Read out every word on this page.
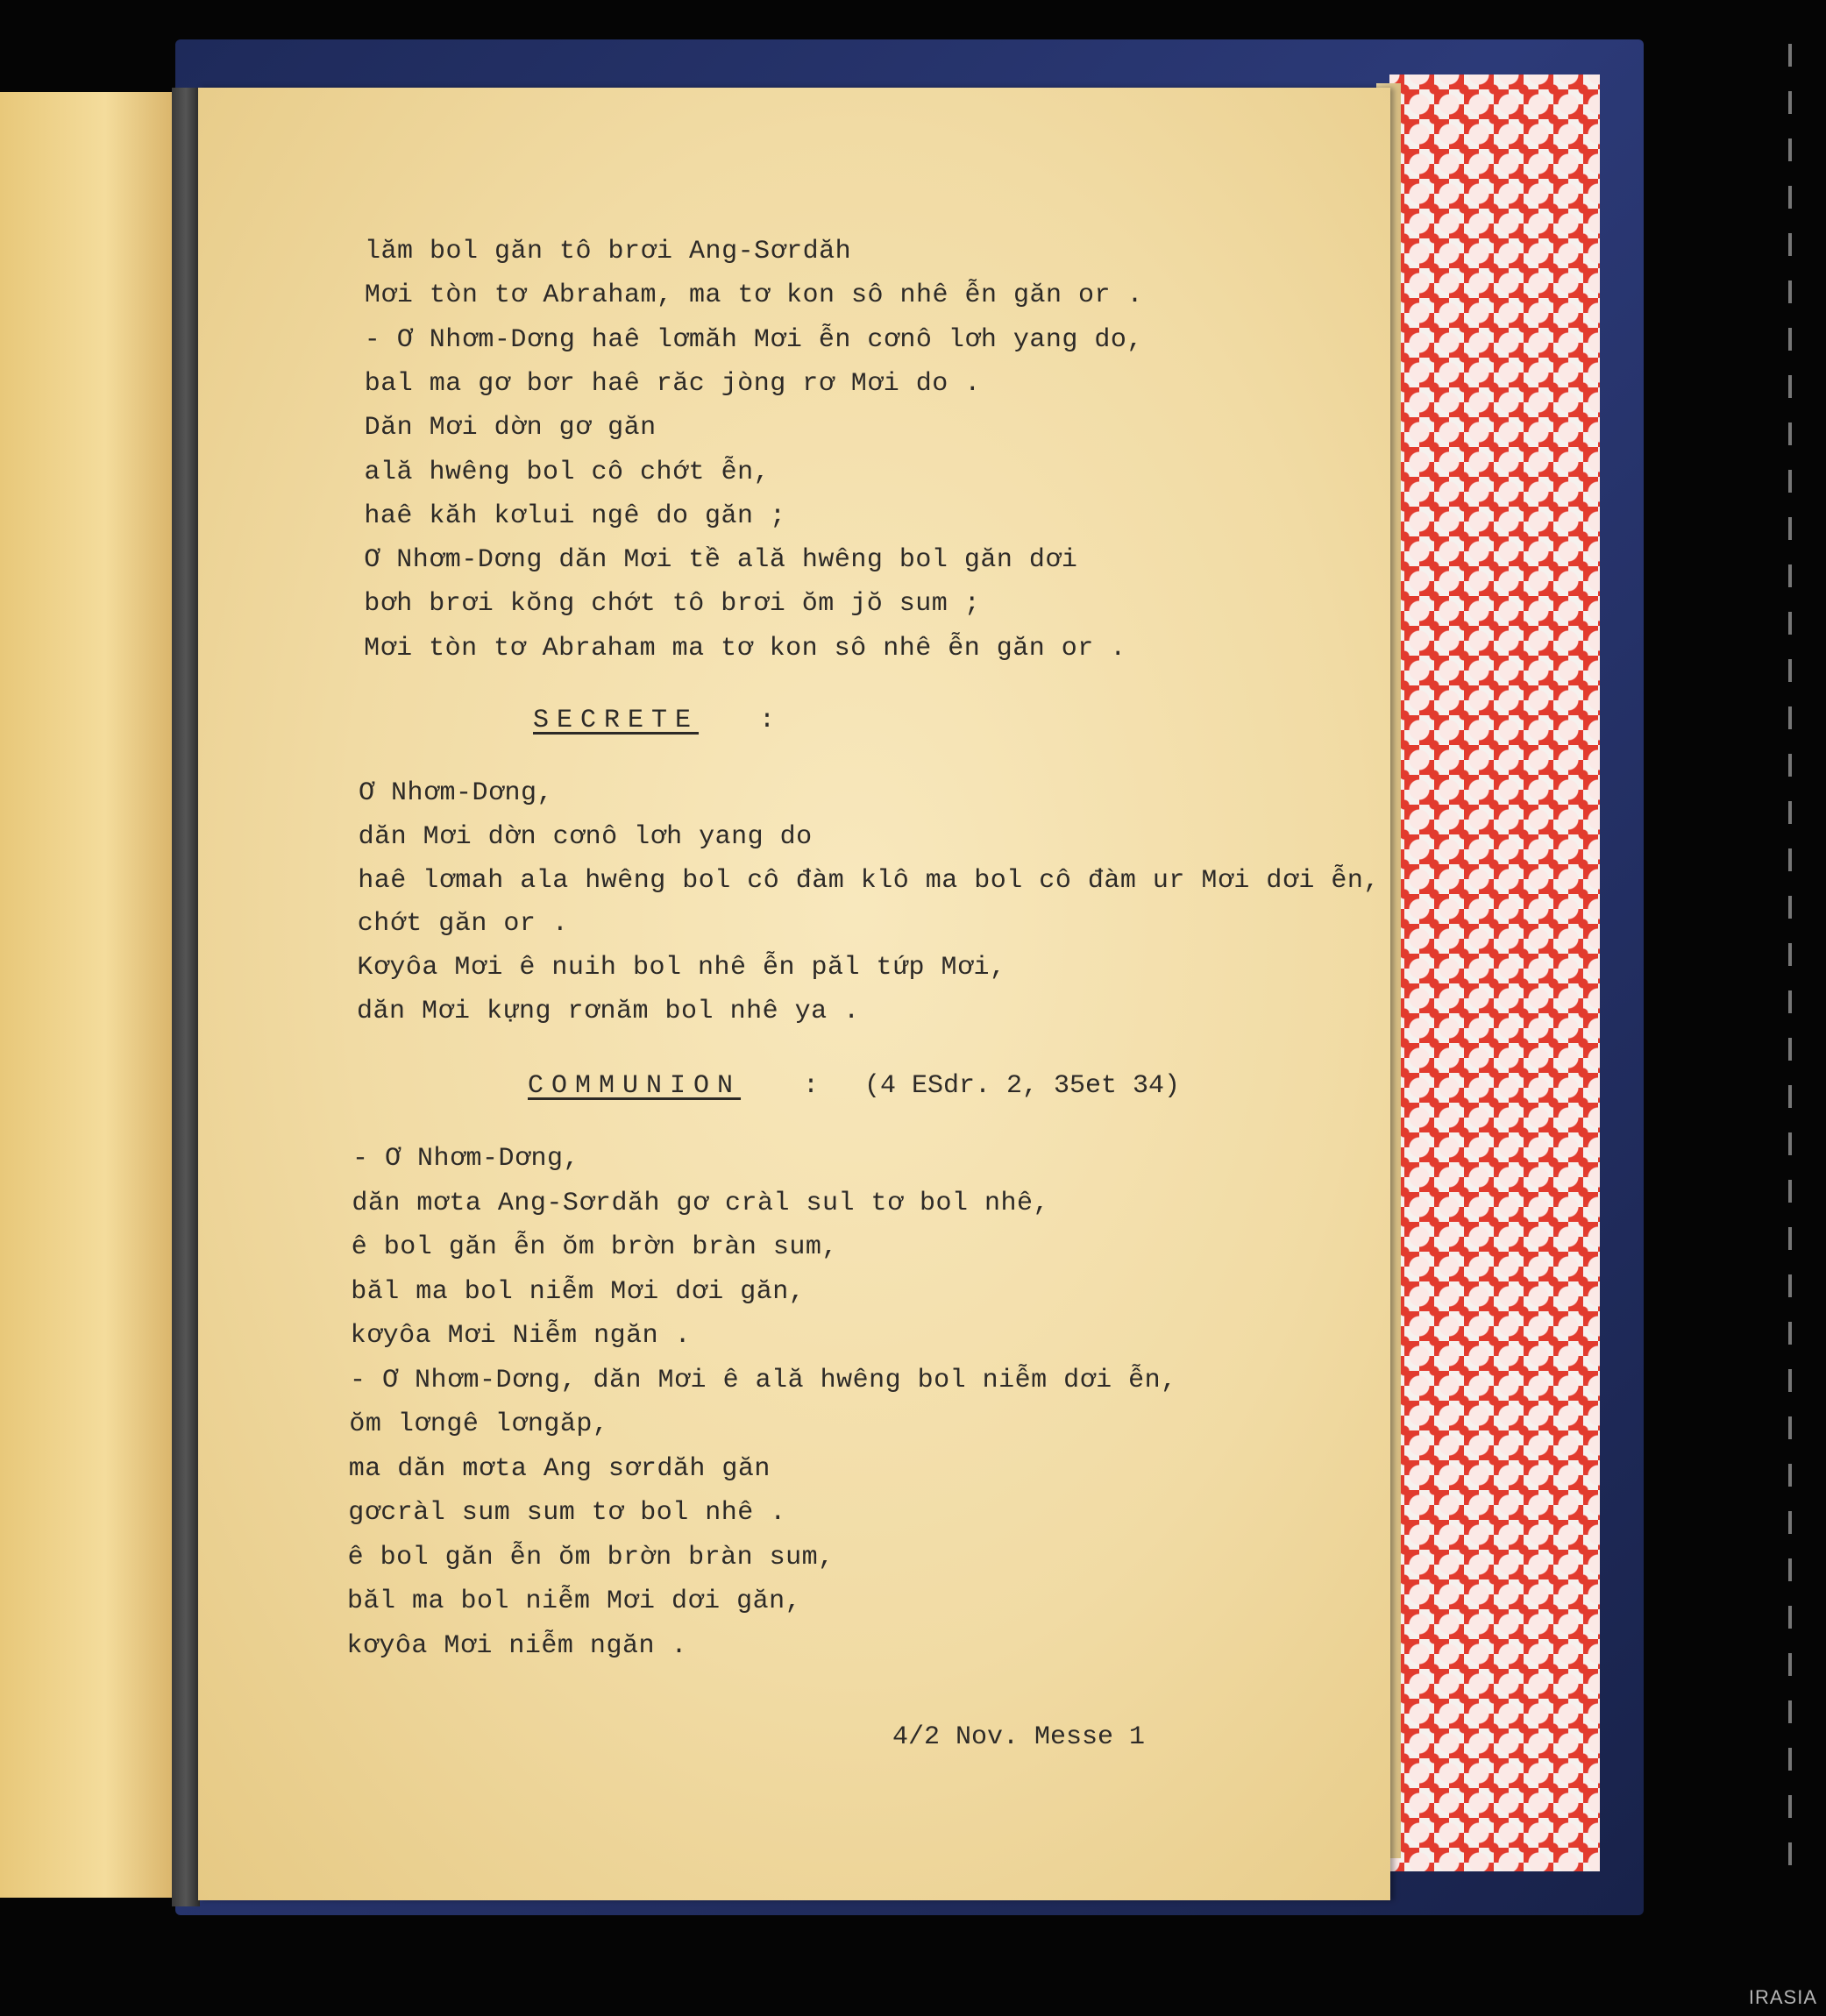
lăm bol găn tô brơi Ang-Sơrdăh
Mơi tòn tơ Abraham, ma tơ kon sô nhê ễn găn or .
- Ơ Nhơm-Dơng haê lơmăh Mơi ễn cơnô lơh yang do,
bal ma gơ bơr haê răc jòng rơ Mơi do .
Dăn Mơi dờn gơ găn
ală hwêng bol cô chớt ễn,
haê kăh kơlui ngê do găn ;
Ơ Nhơm-Dơng dăn Mơi tề ală hwêng bol găn dơi
bơh brơi kŏng chớt tô brơi ŏm jŏ sum ;
Mơi tòn tơ Abraham ma tơ kon sô nhê ễn găn or .
SECRETE :
Ơ Nhơm-Dơng,
dăn Mơi dờn cơnô lơh yang do
haê lơmah ala hwêng bol cô đàm klô ma bol cô đàm ur Mơi dơi ễn,
chớt găn or .
Kơyôa Mơi ê nuih bol nhê ễn păl tứp Mơi,
dăn Mơi kựng rơnăm bol nhê ya .
COMMUNION : (4 ESdr. 2, 35et 34)
- Ơ Nhơm-Dơng,
dăn mơta Ang-Sơrdăh gơ cràl sul tơ bol nhê,
ê bol găn ễn ŏm brờn bràn sum,
băl ma bol niễm Mơi dơi găn,
kơyôa Mơi Niễm ngăn .
- Ơ Nhơm-Dơng, dăn Mơi ê ală hwêng bol niễm dơi ễn,
ŏm lơngê lơngăp,
ma dăn mơta Ang sơrdăh găn
gơcràl sum sum tơ bol nhê .
ê bol găn ễn ŏm brờn bràn sum,
băl ma bol niễm Mơi dơi găn,
kơyôa Mơi niễm ngăn .
4/2 Nov. Messe 1
IRASIA
